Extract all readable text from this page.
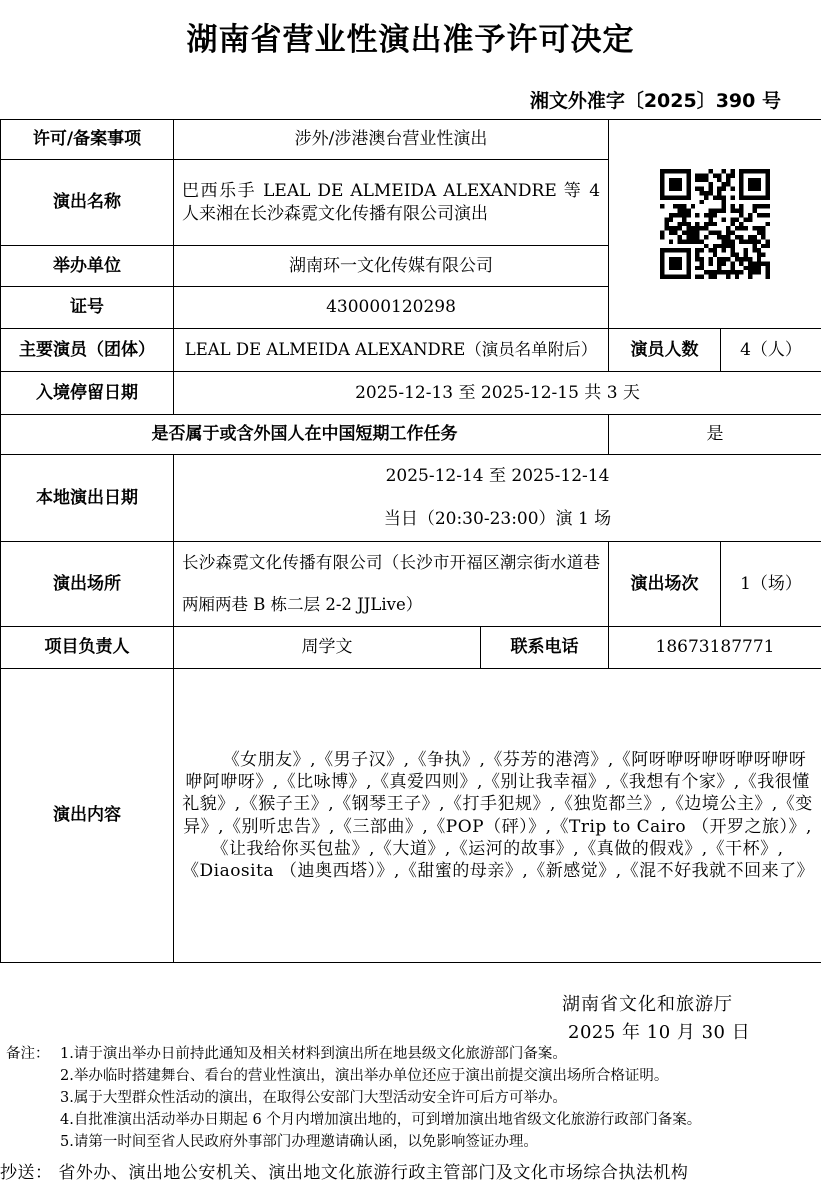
湖南省营业性演出准予许可决定
湘文外准字〔2025〕390 号
许可/备案事项	涉外/涉港澳台营业性演出	

演出名称	巴西乐手 LEAL DE ALMEIDA ALEXANDRE 等 4 人来湘在长沙森霓文化传播有限公司演出			
举办单位	湖南环一文化传媒有限公司			
证号	430000120298			
主要演员（团体）	LEAL DE ALMEIDA ALEXANDRE（演员名单附后）		演员人数	4（人）
入境停留日期	2025-12-13 至 2025-12-15 共 3 天			
是否属于或含外国人在中国短期工作任务			是	
本地演出日期	2025-12-14 至 2025-12-14
当日（20:30-23:00）演 1 场			

演出场所	长沙森霓文化传播有限公司（长沙市开福区潮宗街水道巷两厢两巷 B 栋二层 2-2 JJLive）		演出场次	1（场）
项目负责人	周学文	联系电话	18673187771	
演出内容	《女朋友》,《男子汉》,《争执》,《芬芳的港湾》,《阿呀咿呀咿呀咿呀咿呀咿阿咿呀》,《比咏博》,《真爱四则》,《别让我幸福》,《我想有个家》,《我很懂礼貌》,《猴子王》,《钢琴王子》,《打手犯规》,《独览都兰》,《边境公主》,《变异》,《别听忠告》,《三部曲》,《POP（砰）》,《Trip to Cairo （开罗之旅）》,《让我给你买包盐》,《大道》,《运河的故事》,《真做的假戏》,《干杯》,《Diaosita （迪奥西塔）》,《甜蜜的母亲》,《新感觉》,《混不好我就不回来了》			
湖南省文化和旅游厅
2025 年 10 月 30 日
备注： 1.请于演出举办日前持此通知及相关材料到演出所在地县级文化旅游部门备案。
2.举办临时搭建舞台、看台的营业性演出，演出举办单位还应于演出前提交演出场所合格证明。
3.属于大型群众性活动的演出，在取得公安部门大型活动安全许可后方可举办。
4.自批准演出活动举办日期起 6 个月内增加演出地的，可到增加演出地省级文化旅游行政部门备案。
5.请第一时间至省人民政府外事部门办理邀请确认函，以免影响签证办理。
抄送： 省外办、演出地公安机关、演出地文化旅游行政主管部门及文化市场综合执法机构
